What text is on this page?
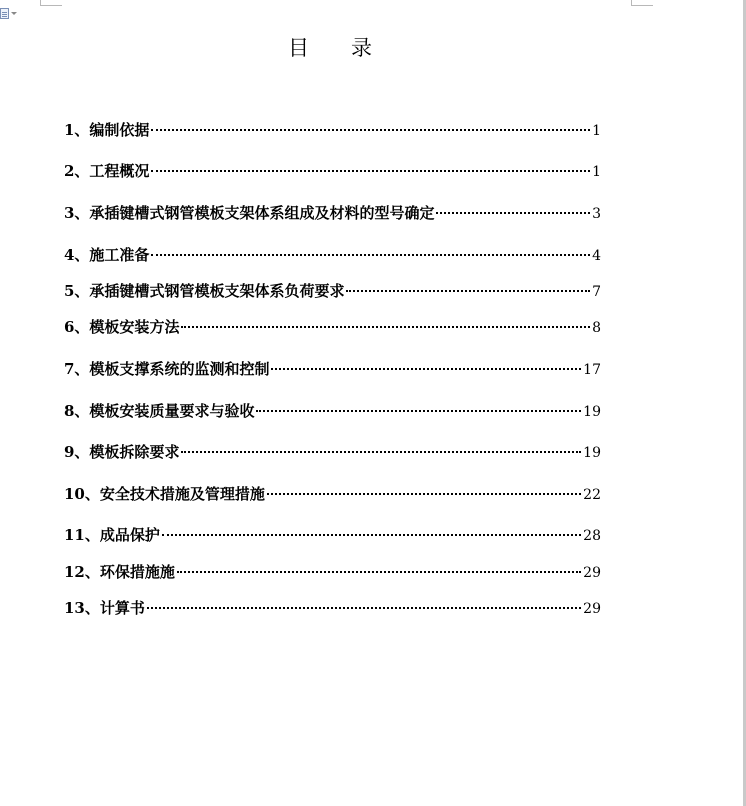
目　　录
1、编制依据	1
2、工程概况	1
3、承插键槽式钢管模板支架体系组成及材料的型号确定	3
4、施工准备	4
5、承插键槽式钢管模板支架体系负荷要求	7
6、模板安装方法	8
7、模板支撑系统的监测和控制	17
8、模板安装质量要求与验收	19
9、模板拆除要求	19
10、安全技术措施及管理措施	22
11、成品保护	28
12、环保措施施	29
13、计算书	29
